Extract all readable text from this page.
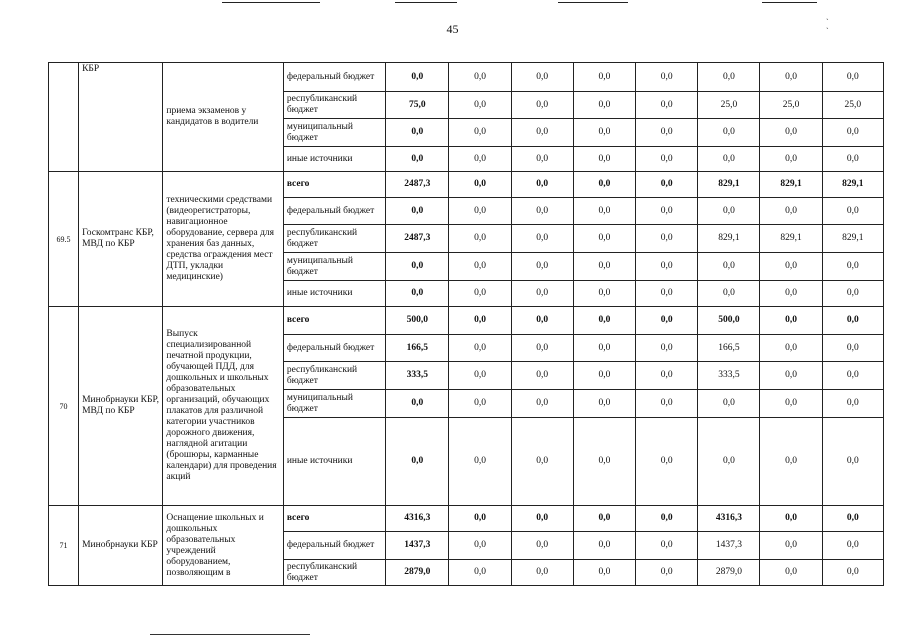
˴ ˴
45
	КБР	приема экзаменов у кандидатов в водители	федеральный бюджет	0,0	0,0	0,0	0,0	0,0	0,0	0,0	0,0
			республиканский бюджет	75,0	0,0	0,0	0,0	0,0	25,0	25,0	25,0
			муниципальный бюджет	0,0	0,0	0,0	0,0	0,0	0,0	0,0	0,0
			иные источники	0,0	0,0	0,0	0,0	0,0	0,0	0,0	0,0
69.5	Госкомтранс КБР, МВД по КБР	техническими средствами (видеорегистраторы, навигационное оборудование, сервера для хранения баз данных, средства ограждения мест ДТП, укладки медицинские)	всего	2487,3	0,0	0,0	0,0	0,0	829,1	829,1	829,1
			федеральный бюджет	0,0	0,0	0,0	0,0	0,0	0,0	0,0	0,0
			республиканский бюджет	2487,3	0,0	0,0	0,0	0,0	829,1	829,1	829,1
			муниципальный бюджет	0,0	0,0	0,0	0,0	0,0	0,0	0,0	0,0
			иные источники	0,0	0,0	0,0	0,0	0,0	0,0	0,0	0,0
70	Минобрнауки КБР, МВД по КБР	Выпуск специализированной печатной продукции, обучающей ПДД, для дошкольных и школьных образовательных организаций, обучающих плакатов для различной категории участников дорожного движения, наглядной агитации (брошюры, карманные календари) для проведения акций	всего	500,0	0,0	0,0	0,0	0,0	500,0	0,0	0,0
			федеральный бюджет	166,5	0,0	0,0	0,0	0,0	166,5	0,0	0,0
			республиканский бюджет	333,5	0,0	0,0	0,0	0,0	333,5	0,0	0,0
			муниципальный бюджет	0,0	0,0	0,0	0,0	0,0	0,0	0,0	0,0
			иные источники	0,0	0,0	0,0	0,0	0,0	0,0	0,0	0,0
71	Минобрнауки КБР	Оснащение школьных и дошкольных образовательных учреждений оборудованием, позволяющим в	всего	4316,3	0,0	0,0	0,0	0,0	4316,3	0,0	0,0
			федеральный бюджет	1437,3	0,0	0,0	0,0	0,0	1437,3	0,0	0,0
			республиканский бюджет	2879,0	0,0	0,0	0,0	0,0	2879,0	0,0	0,0
